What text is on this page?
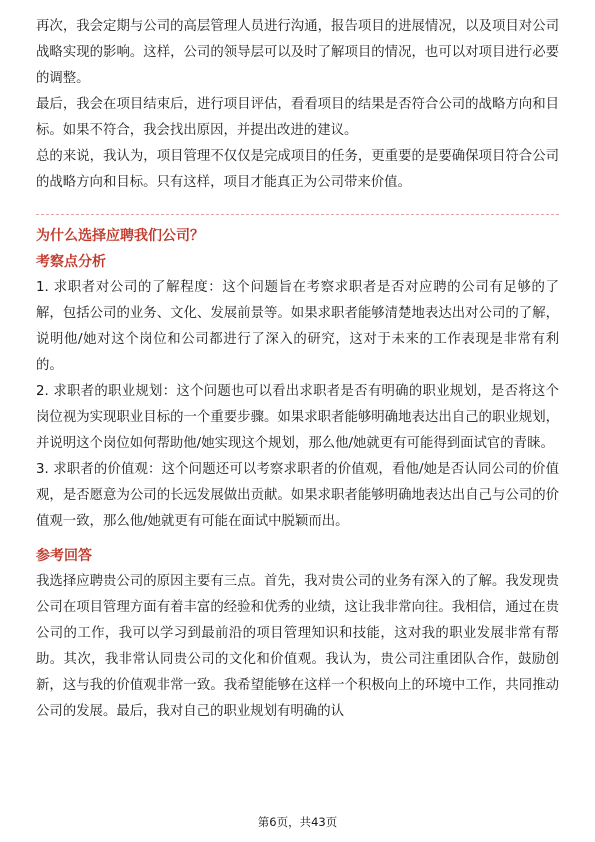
再次，我会定期与公司的高层管理人员进行沟通，报告项目的进展情况，以及项目对公司战略实现的影响。这样，公司的领导层可以及时了解项目的情况，也可以对项目进行必要的调整。

最后，我会在项目结束后，进行项目评估，看看项目的结果是否符合公司的战略方向和目标。如果不符合，我会找出原因，并提出改进的建议。

总的来说，我认为，项目管理不仅仅是完成项目的任务，更重要的是要确保项目符合公司的战略方向和目标。只有这样，项目才能真正为公司带来价值。

为什么选择应聘我们公司？

考察点分析

1. 求职者对公司的了解程度：这个问题旨在考察求职者是否对应聘的公司有足够的了解，包括公司的业务、文化、发展前景等。如果求职者能够清楚地表达出对公司的了解，说明他/她对这个岗位和公司都进行了深入的研究，这对于未来的工作表现是非常有利的。

2. 求职者的职业规划：这个问题也可以看出求职者是否有明确的职业规划，是否将这个岗位视为实现职业目标的一个重要步骤。如果求职者能够明确地表达出自己的职业规划，并说明这个岗位如何帮助他/她实现这个规划，那么他/她就更有可能得到面试官的青睐。

3. 求职者的价值观：这个问题还可以考察求职者的价值观，看他/她是否认同公司的价值观，是否愿意为公司的长远发展做出贡献。如果求职者能够明确地表达出自己与公司的价值观一致，那么他/她就更有可能在面试中脱颖而出。

参考回答

我选择应聘贵公司的原因主要有三点。首先，我对贵公司的业务有深入的了解。我发现贵公司在项目管理方面有着丰富的经验和优秀的业绩，这让我非常向往。我相信，通过在贵公司的工作，我可以学习到最前沿的项目管理知识和技能，这对我的职业发展非常有帮助。其次，我非常认同贵公司的文化和价值观。我认为，贵公司注重团队合作，鼓励创新，这与我的价值观非常一致。我希望能够在这样一个积极向上的环境中工作，共同推动公司的发展。最后，我对自己的职业规划有明确的认

第6页，共43页
